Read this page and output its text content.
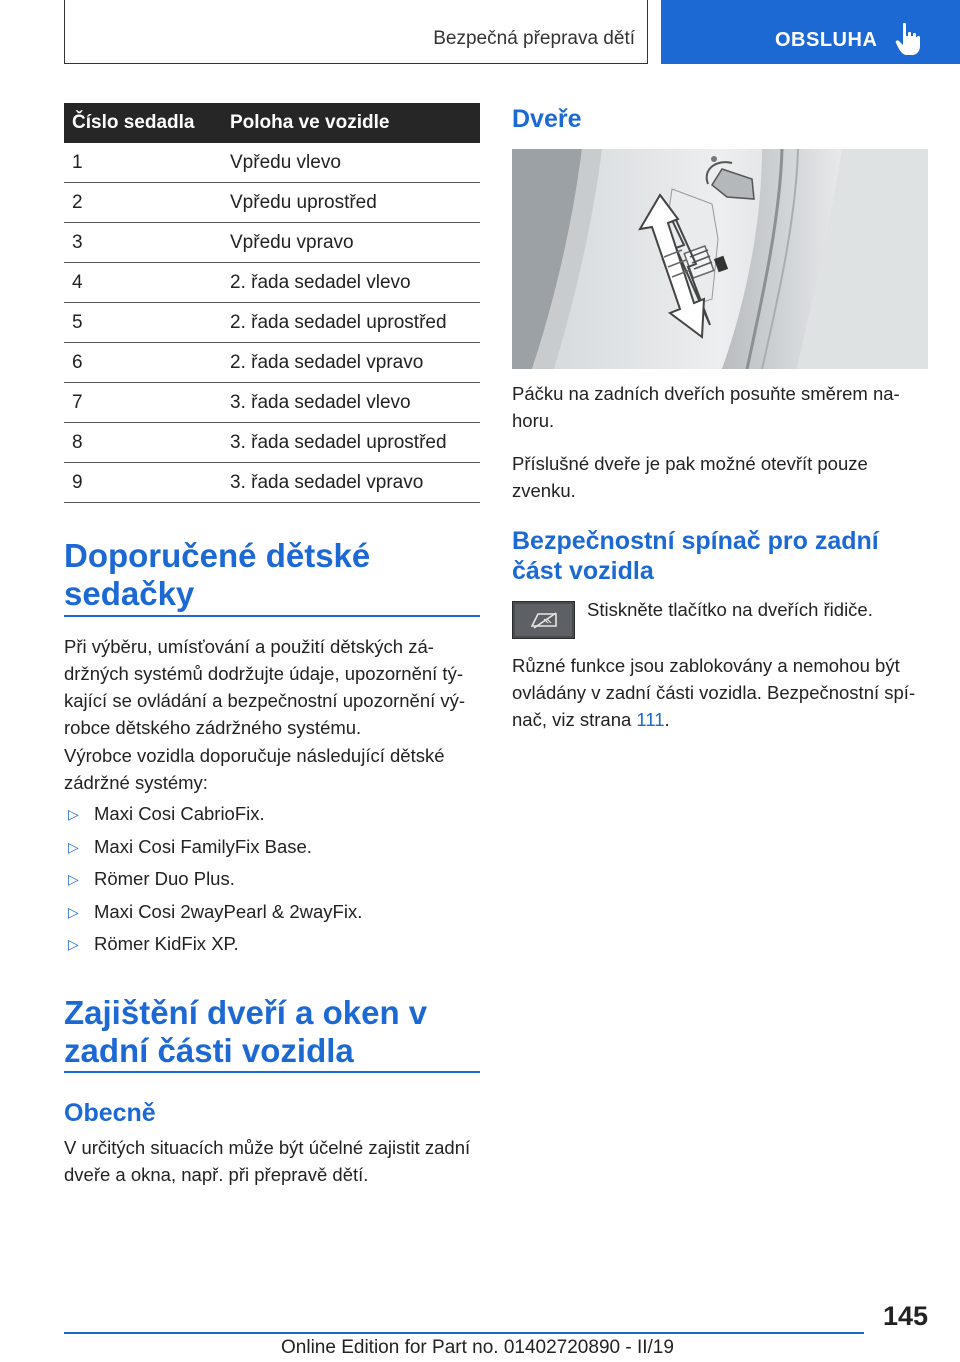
Bezpečná přeprava dětí	OBSLUHA
Číslo sedadla	Poloha ve vozidle
1	Vpředu vlevo
2	Vpředu uprostřed
3	Vpředu vpravo
4	2. řada sedadel vlevo
5	2. řada sedadel uprostřed
6	2. řada sedadel vpravo
7	3. řada sedadel vlevo
8	3. řada sedadel uprostřed
9	3. řada sedadel vpravo
Doporučené dětské
sedačky

Při výběru, umísťování a použití dětských zá‐
držných systémů dodržujte údaje, upozornění tý‐
kající se ovládání a bezpečnostní upozornění vý‐
robce dětského zádržného systému.

Výrobce vozidla doporučuje následující dětské
zádržné systémy:

▷ Maxi Cosi CabrioFix.
▷ Maxi Cosi FamilyFix Base.
▷ Römer Duo Plus.
▷ Maxi Cosi 2wayPearl & 2wayFix.
▷ Römer KidFix XP.
Zajištění dveří a oken v
zadní části vozidla
Obecně

V určitých situacích může být účelné zajistit zadní
dveře a okna, např. při přepravě dětí.

Dveře

Páčku na zadních dveřích posuňte směrem na‐
horu.

Příslušné dveře je pak možné otevřít pouze
zvenku.

Bezpečnostní spínač pro zadní
část vozidla

Stiskněte tlačítko na dveřích řidiče.

Různé funkce jsou zablokovány a nemohou být
ovládány v zadní části vozidla. Bezpečnostní spí‐
nač, viz strana 111.

145
Online Edition for Part no. 01402720890 - II/19
